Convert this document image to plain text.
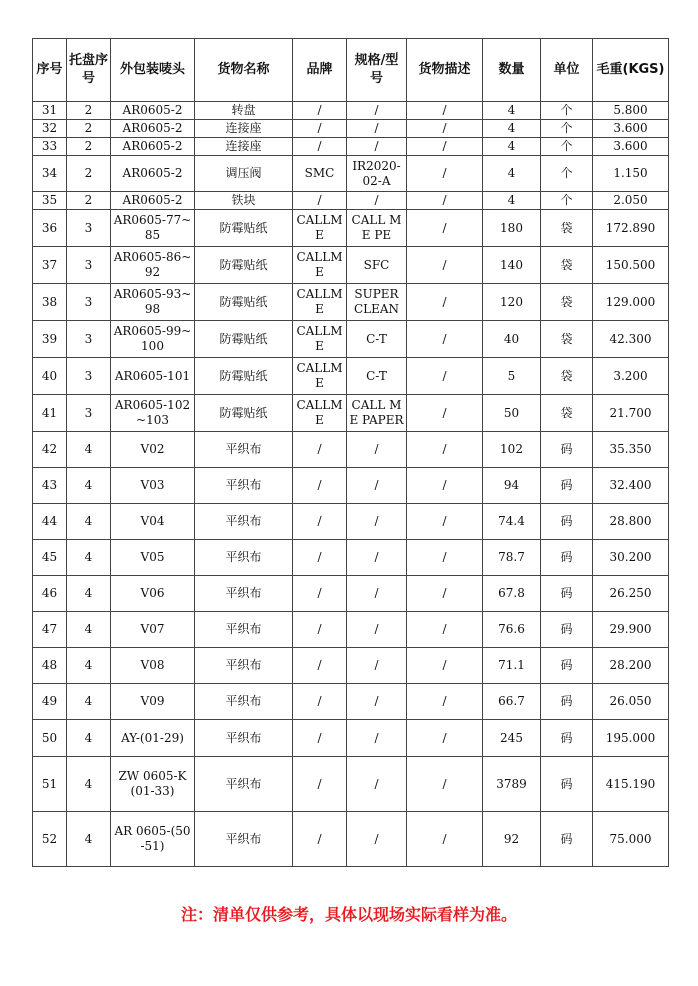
序号	托盘序号	外包装唛头	货物名称	品牌	规格/型号	货物描述	数量	单位	毛重(KGS)
31	2	AR0605-2	转盘	/	/	/	4	个	5.800
32	2	AR0605-2	连接座	/	/	/	4	个	3.600
33	2	AR0605-2	连接座	/	/	/	4	个	3.600
34	2	AR0605-2	调压阀	SMC	IR2020-02-A	/	4	个	1.150
35	2	AR0605-2	铁块	/	/	/	4	个	2.050
36	3	AR0605-77~85	防霉贴纸	CALLME	CALL ME PE	/	180	袋	172.890
37	3	AR0605-86~92	防霉贴纸	CALLME	SFC	/	140	袋	150.500
38	3	AR0605-93~98	防霉贴纸	CALLME	SUPER CLEAN	/	120	袋	129.000
39	3	AR0605-99~100	防霉贴纸	CALLME	C-T	/	40	袋	42.300
40	3	AR0605-101	防霉贴纸	CALLME	C-T	/	5	袋	3.200
41	3	AR0605-102~103	防霉贴纸	CALLME	CALL ME PAPER	/	50	袋	21.700
42	4	V02	平织布	/	/	/	102	码	35.350
43	4	V03	平织布	/	/	/	94	码	32.400
44	4	V04	平织布	/	/	/	74.4	码	28.800
45	4	V05	平织布	/	/	/	78.7	码	30.200
46	4	V06	平织布	/	/	/	67.8	码	26.250
47	4	V07	平织布	/	/	/	76.6	码	29.900
48	4	V08	平织布	/	/	/	71.1	码	28.200
49	4	V09	平织布	/	/	/	66.7	码	26.050
50	4	AY-(01-29)	平织布	/	/	/	245	码	195.000
51	4	ZW 0605-K(01-33)	平织布	/	/	/	3789	码	415.190
52	4	AR 0605-(50-51)	平织布	/	/	/	92	码	75.000
注：清单仅供参考，具体以现场实际看样为准。
